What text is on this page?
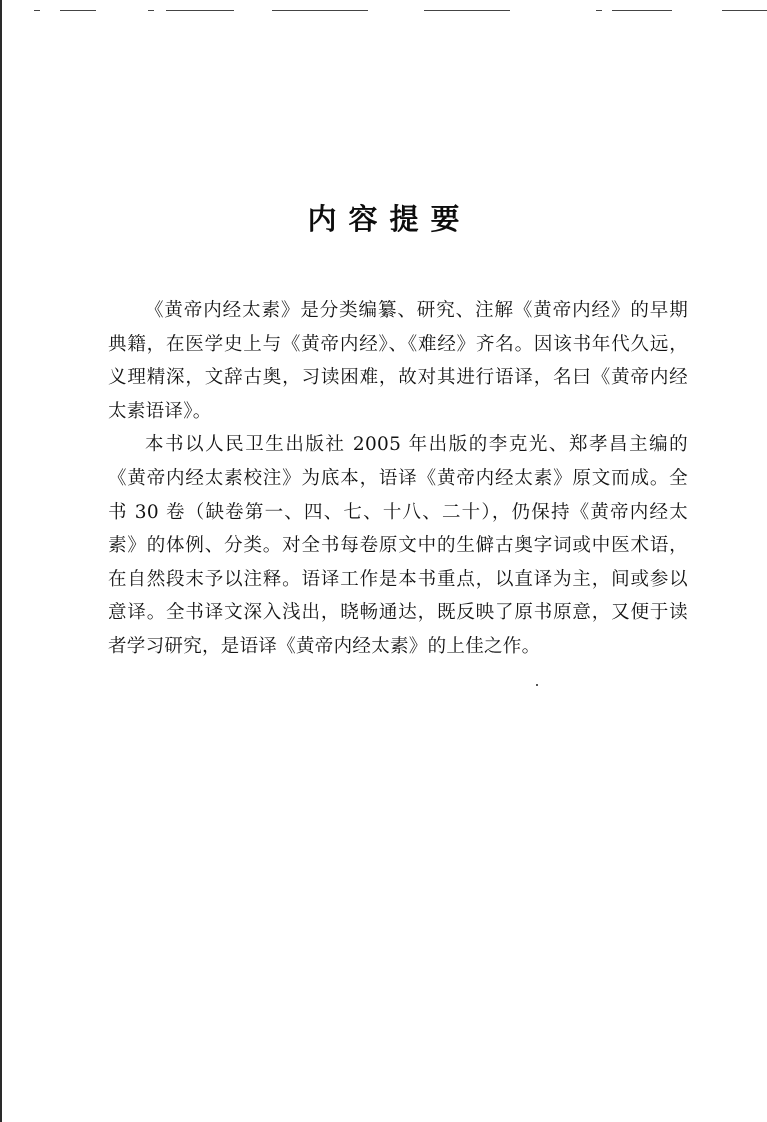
内容提要

《黄帝内经太素》是分类编纂、研究、注解《黄帝内经》的早期典籍，在医学史上与《黄帝内经》、《难经》齐名。因该书年代久远，义理精深，文辞古奥，习读困难，故对其进行语译，名曰《黄帝内经太素语译》。

本书以人民卫生出版社 2005 年出版的李克光、郑孝昌主编的《黄帝内经太素校注》为底本，语译《黄帝内经太素》原文而成。全书 30 卷（缺卷第一、四、七、十八、二十），仍保持《黄帝内经太素》的体例、分类。对全书每卷原文中的生僻古奥字词或中医术语，在自然段末予以注释。语译工作是本书重点，以直译为主，间或参以意译。全书译文深入浅出，晓畅通达，既反映了原书原意，又便于读者学习研究，是语译《黄帝内经太素》的上佳之作。
